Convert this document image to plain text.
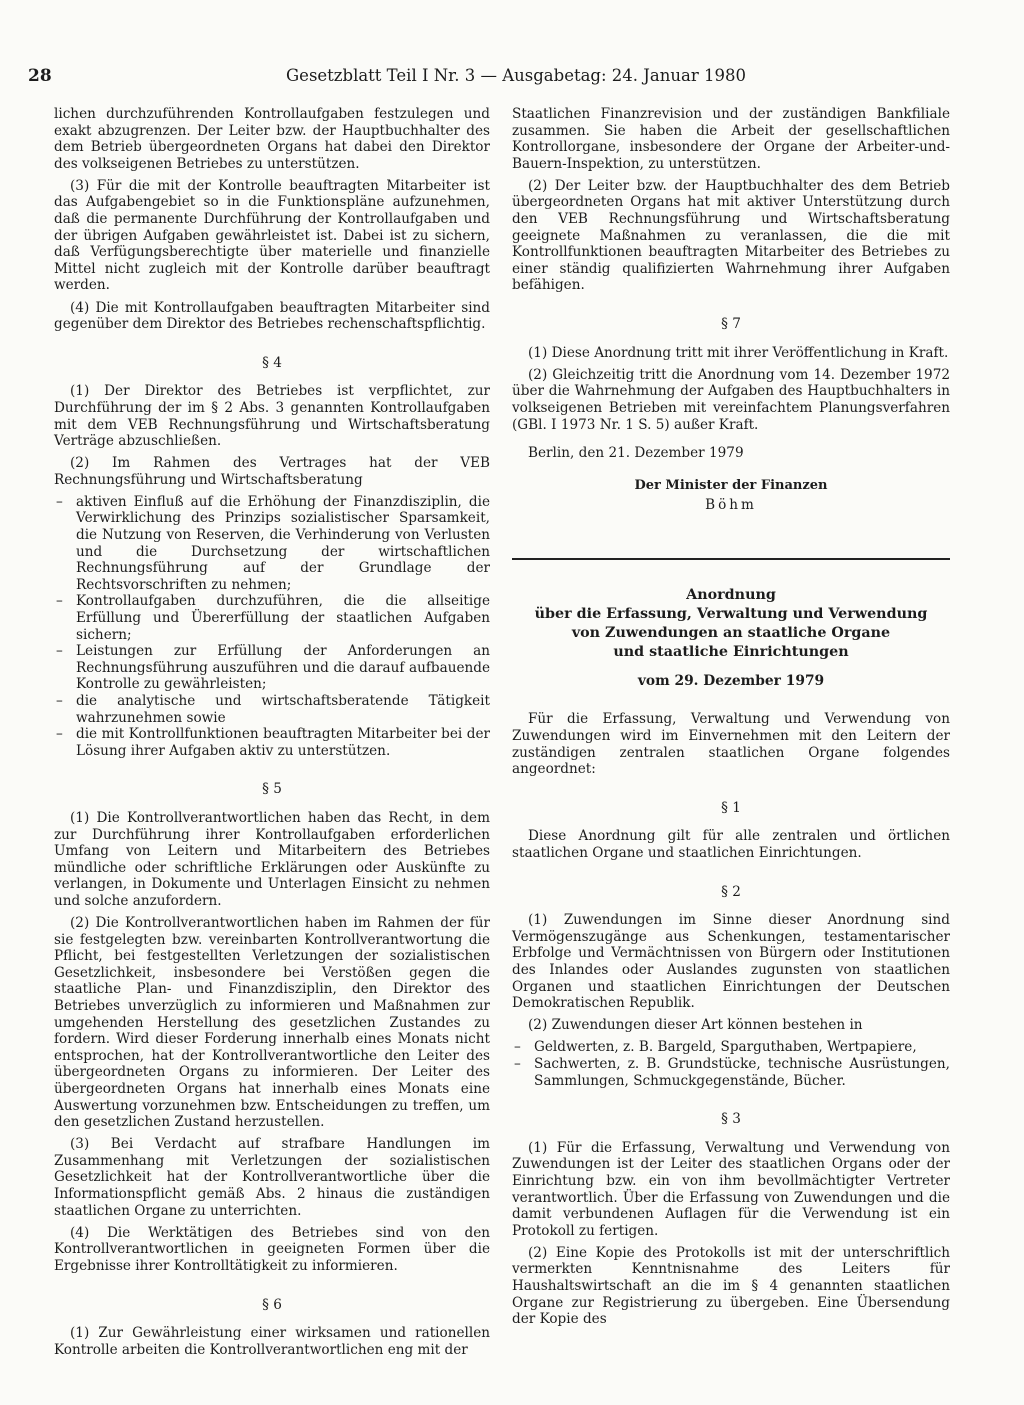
28	Gesetzblatt Teil I Nr. 3 — Ausgabetag: 24. Januar 1980

lichen durchzuführenden Kontrollaufgaben festzulegen und exakt abzugrenzen. Der Leiter bzw. der Hauptbuchhalter des dem Betrieb übergeordneten Organs hat dabei den Direktor des volkseigenen Betriebes zu unterstützen.

(3) Für die mit der Kontrolle beauftragten Mitarbeiter ist das Aufgabengebiet so in die Funktionspläne aufzunehmen, daß die permanente Durchführung der Kontrollaufgaben und der übrigen Aufgaben gewährleistet ist. Dabei ist zu sichern, daß Verfügungsberechtigte über materielle und finanzielle Mittel nicht zugleich mit der Kontrolle darüber beauftragt werden.

(4) Die mit Kontrollaufgaben beauftragten Mitarbeiter sind gegenüber dem Direktor des Betriebes rechenschaftspflichtig.

§ 4

(1) Der Direktor des Betriebes ist verpflichtet, zur Durchführung der im § 2 Abs. 3 genannten Kontrollaufgaben mit dem VEB Rechnungsführung und Wirtschaftsberatung Verträge abzuschließen.

(2) Im Rahmen des Vertrages hat der VEB Rechnungsführung und Wirtschaftsberatung

– aktiven Einfluß auf die Erhöhung der Finanzdisziplin, die Verwirklichung des Prinzips sozialistischer Sparsamkeit, die Nutzung von Reserven, die Verhinderung von Verlusten und die Durchsetzung der wirtschaftlichen Rechnungsführung auf der Grundlage der Rechtsvorschriften zu nehmen;
– Kontrollaufgaben durchzuführen, die die allseitige Erfüllung und Übererfüllung der staatlichen Aufgaben sichern;
– Leistungen zur Erfüllung der Anforderungen an Rechnungsführung auszuführen und die darauf aufbauende Kontrolle zu gewährleisten;
– die analytische und wirtschaftsberatende Tätigkeit wahrzunehmen sowie
– die mit Kontrollfunktionen beauftragten Mitarbeiter bei der Lösung ihrer Aufgaben aktiv zu unterstützen.
§ 5

(1) Die Kontrollverantwortlichen haben das Recht, in dem zur Durchführung ihrer Kontrollaufgaben erforderlichen Umfang von Leitern und Mitarbeitern des Betriebes mündliche oder schriftliche Erklärungen oder Auskünfte zu verlangen, in Dokumente und Unterlagen Einsicht zu nehmen und solche anzufordern.

(2) Die Kontrollverantwortlichen haben im Rahmen der für sie festgelegten bzw. vereinbarten Kontrollverantwortung die Pflicht, bei festgestellten Verletzungen der sozialistischen Gesetzlichkeit, insbesondere bei Verstößen gegen die staatliche Plan- und Finanzdisziplin, den Direktor des Betriebes unverzüglich zu informieren und Maßnahmen zur umgehenden Herstellung des gesetzlichen Zustandes zu fordern. Wird dieser Forderung innerhalb eines Monats nicht entsprochen, hat der Kontrollverantwortliche den Leiter des übergeordneten Organs zu informieren. Der Leiter des übergeordneten Organs hat innerhalb eines Monats eine Auswertung vorzunehmen bzw. Entscheidungen zu treffen, um den gesetzlichen Zustand herzustellen.

(3) Bei Verdacht auf strafbare Handlungen im Zusammenhang mit Verletzungen der sozialistischen Gesetzlichkeit hat der Kontrollverantwortliche über die Informationspflicht gemäß Abs. 2 hinaus die zuständigen staatlichen Organe zu unterrichten.

(4) Die Werktätigen des Betriebes sind von den Kontrollverantwortlichen in geeigneten Formen über die Ergebnisse ihrer Kontrolltätigkeit zu informieren.

§ 6

(1) Zur Gewährleistung einer wirksamen und rationellen Kontrolle arbeiten die Kontrollverantwortlichen eng mit der

Staatlichen Finanzrevision und der zuständigen Bankfiliale zusammen. Sie haben die Arbeit der gesellschaftlichen Kontrollorgane, insbesondere der Organe der Arbeiter-und-Bauern-Inspektion, zu unterstützen.

(2) Der Leiter bzw. der Hauptbuchhalter des dem Betrieb übergeordneten Organs hat mit aktiver Unterstützung durch den VEB Rechnungsführung und Wirtschaftsberatung geeignete Maßnahmen zu veranlassen, die die mit Kontrollfunktionen beauftragten Mitarbeiter des Betriebes zu einer ständig qualifizierten Wahrnehmung ihrer Aufgaben befähigen.

§ 7

(1) Diese Anordnung tritt mit ihrer Veröffentlichung in Kraft.

(2) Gleichzeitig tritt die Anordnung vom 14. Dezember 1972 über die Wahrnehmung der Aufgaben des Hauptbuchhalters in volkseigenen Betrieben mit vereinfachtem Planungsverfahren (GBl. I 1973 Nr. 1 S. 5) außer Kraft.

Berlin, den 21. Dezember 1979

Der Minister der Finanzen
Böhm
Anordnung
über die Erfassung, Verwaltung und Verwendung
von Zuwendungen an staatliche Organe
und staatliche Einrichtungen
vom 29. Dezember 1979

Für die Erfassung, Verwaltung und Verwendung von Zuwendungen wird im Einvernehmen mit den Leitern der zuständigen zentralen staatlichen Organe folgendes angeordnet:

§ 1

Diese Anordnung gilt für alle zentralen und örtlichen staatlichen Organe und staatlichen Einrichtungen.

§ 2

(1) Zuwendungen im Sinne dieser Anordnung sind Vermögenszugänge aus Schenkungen, testamentarischer Erbfolge und Vermächtnissen von Bürgern oder Institutionen des Inlandes oder Auslandes zugunsten von staatlichen Organen und staatlichen Einrichtungen der Deutschen Demokratischen Republik.

(2) Zuwendungen dieser Art können bestehen in

– Geldwerten, z. B. Bargeld, Sparguthaben, Wertpapiere,
– Sachwerten, z. B. Grundstücke, technische Ausrüstungen, Sammlungen, Schmuckgegenstände, Bücher.
§ 3

(1) Für die Erfassung, Verwaltung und Verwendung von Zuwendungen ist der Leiter des staatlichen Organs oder der Einrichtung bzw. ein von ihm bevollmächtigter Vertreter verantwortlich. Über die Erfassung von Zuwendungen und die damit verbundenen Auflagen für die Verwendung ist ein Protokoll zu fertigen.

(2) Eine Kopie des Protokolls ist mit der unterschriftlich vermerkten Kenntnisnahme des Leiters für Haushaltswirtschaft an die im § 4 genannten staatlichen Organe zur Registrierung zu übergeben. Eine Übersendung der Kopie des
